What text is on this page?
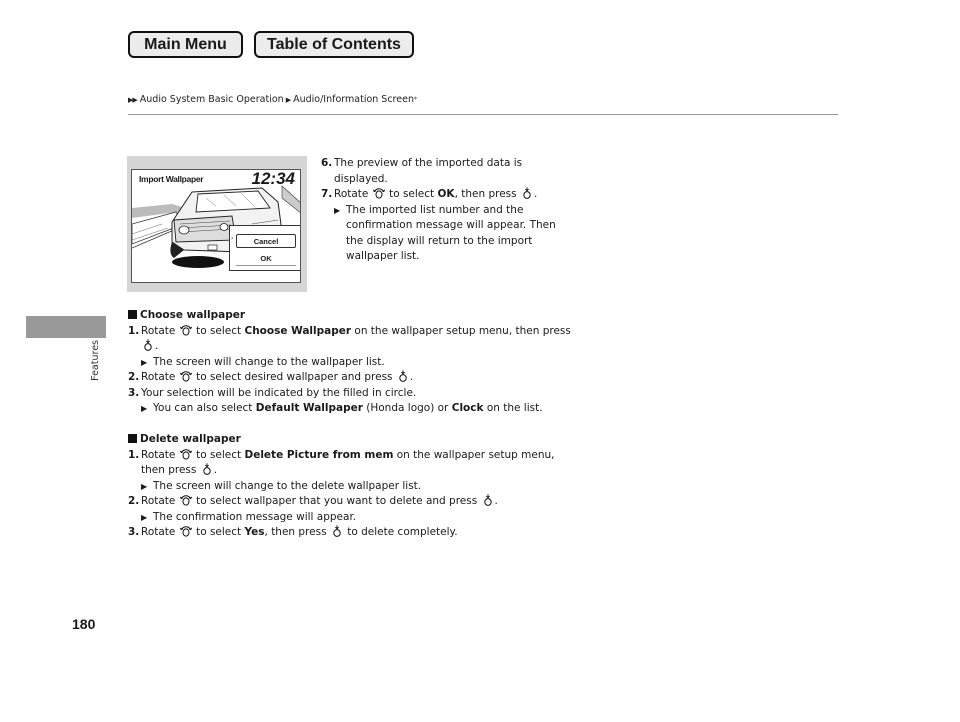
Main Menu	Table of Contents
▶▶ Audio System Basic Operation ▶ Audio/Information Screen *
Features
180
Import Wallpaper	12:34
›	Cancel
OK
6. The preview of the imported data is
displayed.
7. Rotate to select OK, then press .
▶ The imported list number and the
confirmation message will appear. Then
the display will return to the import
wallpaper list.
Choose wallpaper
1. Rotate to select Choose Wallpaper on the wallpaper setup menu, then press
.
▶ The screen will change to the wallpaper list.
2. Rotate to select desired wallpaper and press .
3. Your selection will be indicated by the filled in circle.
▶ You can also select Default Wallpaper (Honda logo) or Clock on the list.
Delete wallpaper
1. Rotate to select Delete Picture from mem on the wallpaper setup menu,
then press .
▶ The screen will change to the delete wallpaper list.
2. Rotate to select wallpaper that you want to delete and press .
▶ The confirmation message will appear.
3. Rotate to select Yes, then press to delete completely.
